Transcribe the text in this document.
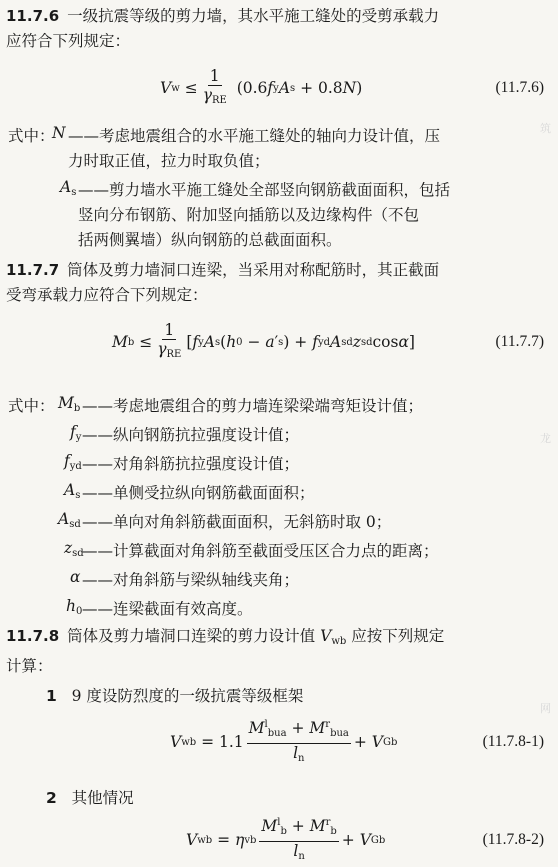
11.7.6 一级抗震等级的剪力墙，其水平施工缝处的受剪承载力
应符合下列规定：
V $w \le \frac{1}{\gamma_{RE}} (0.6$ f y A s + 0.8 N )	(11.7.6)
式中：
N ——考虑地震组合的水平施工缝处的轴向力设计值，压
力时取正值，拉力时取负值；
$A_s$ ——剪力墙水平施工缝处全部竖向钢筋截面面积，包括
竖向分布钢筋、附加竖向插筋以及边缘构件（不包
括两侧翼墙）纵向钢筋的总截面面积。
11.7.7 筒体及剪力墙洞口连梁，当采用对称配筋时，其正截面
受弯承载力应符合下列规定：
M $b \le \frac{1}{\gamma_{RE}}$ [ f y A s ( h 0 − a ′ s ) + f yd A sd z sd cos α ]	(11.7.7)
式中： $M_b$ ——考虑地震组合的剪力墙连梁梁端弯矩设计值；
$f_y$ ——纵向钢筋抗拉强度设计值；
$f_{yd}$ ——对角斜筋抗拉强度设计值；
$A_s$ ——单侧受拉纵向钢筋截面面积；
$A_{sd}$ ——单向对角斜筋截面面积，无斜筋时取 0；
$z_{sd}$
——计算截面对角斜筋至截面受压区合力点的距离；
α ——对角斜筋与梁纵轴线夹角；
$h_0$ ——连梁截面有效高度。
11.7.8 筒体及剪力墙洞口连梁的剪力设计值 $V_{wb}$ 应按下列规定
计算：
1 9 度设防烈度的一级抗震等级框架
V wb = $1.1 \frac{M^l_{bua} + M^r_{bua}}{l_n} + V$ Gb	(11.7.8-1)
2 其他情况
V wb = η vb $\frac{M^l_b + M^r_b}{l_n} + V$ Gb	(11.7.8-2)
筑
龙
网
